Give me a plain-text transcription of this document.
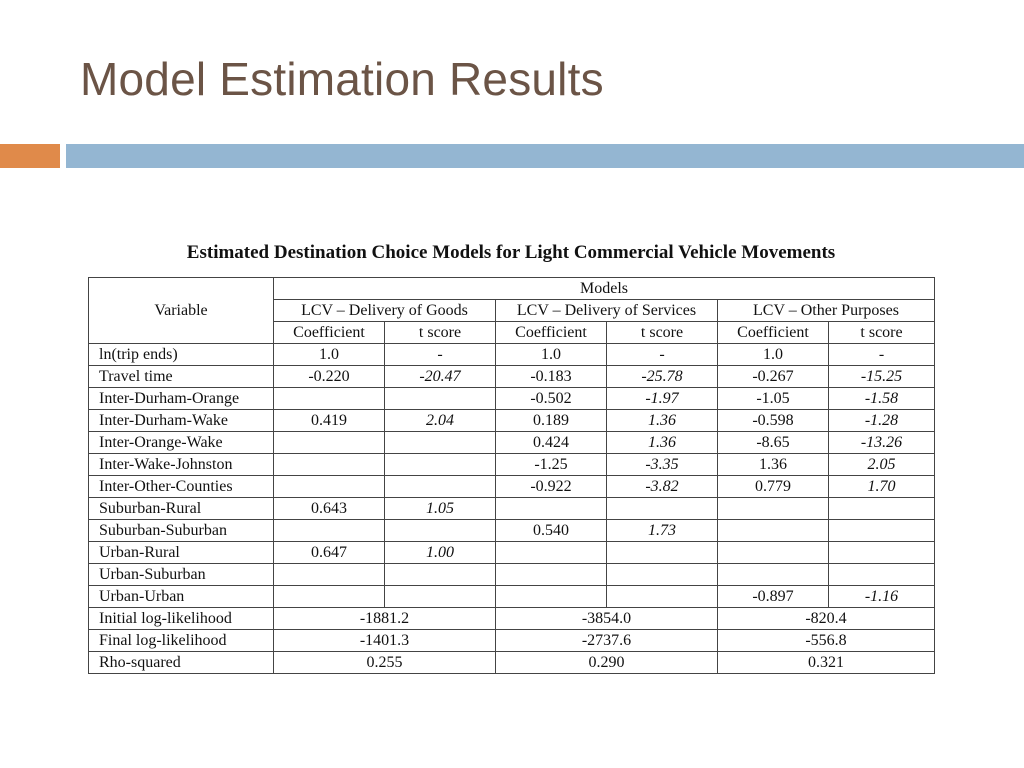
Model Estimation Results
Estimated Destination Choice Models for Light Commercial Vehicle Movements
Variable	Models					
	LCV – Delivery of Goods		LCV – Delivery of Services		LCV – Other Purposes	
	Coefficient	t score	Coefficient	t score	Coefficient	t score
ln(trip ends)	1.0	-	1.0	-	1.0	-
Travel time	-0.220	-20.47	-0.183	-25.78	-0.267	-15.25
Inter-Durham-Orange			-0.502	-1.97	-1.05	-1.58
Inter-Durham-Wake	0.419	2.04	0.189	1.36	-0.598	-1.28
Inter-Orange-Wake			0.424	1.36	-8.65	-13.26
Inter-Wake-Johnston			-1.25	-3.35	1.36	2.05
Inter-Other-Counties			-0.922	-3.82	0.779	1.70
Suburban-Rural	0.643	1.05				
Suburban-Suburban			0.540	1.73		
Urban-Rural	0.647	1.00				
Urban-Suburban						
Urban-Urban					-0.897	-1.16
Initial log-likelihood	-1881.2		-3854.0		-820.4	
Final log-likelihood	-1401.3		-2737.6		-556.8	
Rho-squared	0.255		0.290		0.321	
